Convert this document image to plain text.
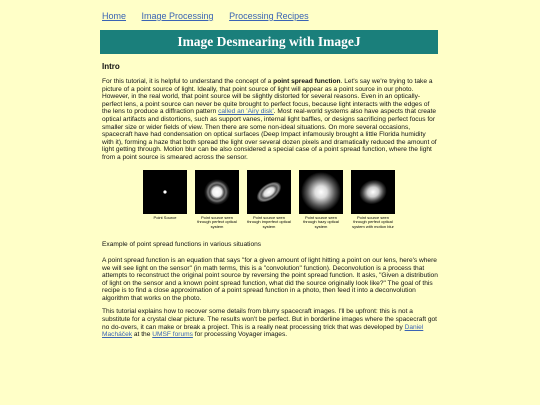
Home Image Processing Processing Recipes
Image Desmearing with ImageJ
Intro

For this tutorial, it is helpful to understand the concept of a point spread function. Let's say we're trying to take a picture of a point source of light. Ideally, that point source of light will appear as a point source in our photo. However, in the real world, that point source will be slightly distorted for several reasons. Even in an optically-perfect lens, a point source can never be quite brought to perfect focus, because light interacts with the edges of the lens to produce a diffraction pattern called an 'Airy disk'. Most real-world systems also have aspects that create optical artifacts and distortions, such as support vanes, internal light baffles, or designs sacrificing perfect focus for smaller size or wider fields of view. Then there are some non-ideal situations. On more several occasions, spacecraft have had condensation on optical surfaces (Deep Impact infamously brought a little Florida humidity with it), forming a haze that both spread the light over several dozen pixels and dramatically reduced the amount of light getting through. Motion blur can be also considered a special case of a point spread function, where the light from a point source is smeared across the sensor.

Point Source	Point source seen through perfect optical system
Point source seen through imperfect optical system
Point source seen through hazy optical system
Point source seen through perfect optical system with motion blur

Example of point spread functions in various situations

A point spread function is an equation that says "for a given amount of light hitting a point on our lens, here's where we will see light on the sensor" (in math terms, this is a "convolution" function). Deconvolution is a process that attempts to reconstruct the original point source by reversing the point spread function. It asks, "Given a distribution of light on the sensor and a known point spread function, what did the source originally look like?" The goal of this recipe is to find a close approximation of a point spread function in a photo, then feed it into a deconvolution algorithm that works on the photo.

This tutorial explains how to recover some details from blurry spacecraft images. I'll be upfront: this is not a substitute for a crystal clear picture. The results won't be perfect. But in borderline images where the spacecraft got no do-overs, it can make or break a project. This is a really neat processing trick that was developed by Daniel Macháček at the UMSF forums for processing Voyager images.
